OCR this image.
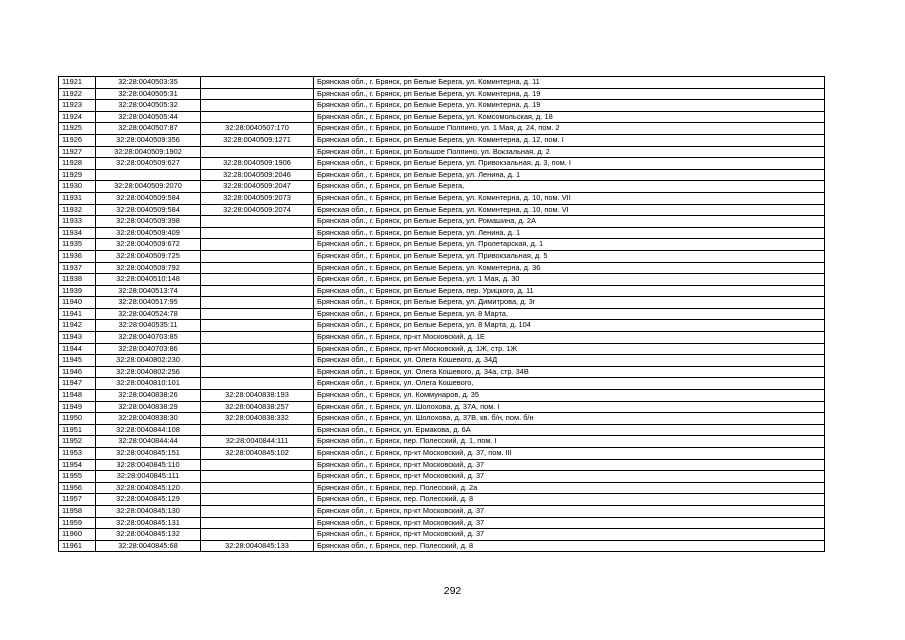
11921	32:28:0040503:35		Брянская обл., г. Брянск, рп Белые Берега, ул. Коминтерна, д. 11
11922	32:28:0040505:31		Брянская обл., г. Брянск, рп Белые Берега, ул. Коминтерна, д. 19
11923	32:28:0040505:32		Брянская обл., г. Брянск, рп Белые Берега, ул. Коминтерна, д. 19
11924	32:28:0040505:44		Брянская обл., г. Брянск, рп Белые Берега, ул. Комсомольская, д. 18
11925	32:28:0040507:87	32:28:0040507:170	Брянская обл., г. Брянск, рп Большое Полпино, ул. 1 Мая, д. 24, пом. 2
11926	32:28:0040509:356	32:28:0040509:1271	Брянская обл., г. Брянск, рп Белые Берега, ул. Коминтерна, д. 12, пом. I
11927	32:28:0040509:1902		Брянская обл., г. Брянск, рп Большое Полпино, ул. Вокзальная, д. 2
11928	32:28:0040509:627	32:28:0040509:1906	Брянская обл., г. Брянск, рп Белые Берега, ул. Привокзальная, д. 3, пом. I
11929		32:28:0040509:2046	Брянская обл., г. Брянск, рп Белые Берега, ул. Ленина, д. 1
11930	32:28:0040509:2070	32:28:0040509:2047	Брянская обл., г. Брянск, рп Белые Берега,
11931	32:28:0040509:584	32:28:0040509:2073	Брянская обл., г. Брянск, рп Белые Берега, ул. Коминтерна, д. 10, пом. VII
11932	32:28:0040509:584	32:28:0040509:2074	Брянская обл., г. Брянск, рп Белые Берега, ул. Коминтерна, д. 10, пом. VI
11933	32:28:0040509:398		Брянская обл., г. Брянск, рп Белые Берега, ул. Ромашина, д. 2А
11934	32:28:0040509:409		Брянская обл., г. Брянск, рп Белые Берега, ул. Ленина, д. 1
11935	32:28:0040509:672		Брянская обл., г. Брянск, рп Белые Берега, ул. Пролетарская, д. 1
11936	32:28:0040509:725		Брянская обл., г. Брянск, рп Белые Берега, ул. Привокзальная, д. 5
11937	32:28:0040509:792		Брянская обл., г. Брянск, рп Белые Берега, ул. Коминтерна, д. 36
11938	32:28:0040510:148		Брянская обл., г. Брянск, рп Белые Берега, ул. 1 Мая, д. 30
11939	32:28:0040513:74		Брянская обл., г. Брянск, рп Белые Берега, пер. Урицкого, д. 11
11940	32:28:0040517:95		Брянская обл., г. Брянск, рп Белые Берега, ул. Димитрова, д. 3г
11941	32:28:0040524:78		Брянская обл., г. Брянск, рп Белые Берега, ул. 8 Марта,
11942	32:28:0040535:11		Брянская обл., г. Брянск, рп Белые Берега, ул. 8 Марта, д. 104
11943	32:28:0040703:85		Брянская обл., г. Брянск, пр-кт Московский, д. 1Е
11944	32:28:0040703:86		Брянская обл., г. Брянск, пр-кт Московский, д. 1Ж, стр. 1Ж
11945	32:28:0040802:230		Брянская обл., г. Брянск, ул. Олега Кошевого, д. 34Д
11946	32:28:0040802:256		Брянская обл., г. Брянск, ул. Олега Кошевого, д. 34а, стр. 34В
11947	32:28:0040810:101		Брянская обл., г. Брянск, ул. Олега Кошевого,
11948	32:28:0040838:26	32:28:0040838:193	Брянская обл., г. Брянск, ул. Коммунаров, д. 35
11949	32:28:0040838:29	32:28:0040838:257	Брянская обл., г. Брянск, ул. Шолохова, д. 37А, пом. I
11950	32:28:0040838:30	32:28:0040838:332	Брянская обл., г. Брянск, ул. Шолохова, д. 37В, кв. б/н, пом. б/н
11951	32:28:0040844:108		Брянская обл., г. Брянск, ул. Ермакова, д. 6А
11952	32:28:0040844:44	32:28:0040844:111	Брянская обл., г. Брянск, пер. Полесский, д. 1, пом. I
11953	32:28:0040845:151	32:28:0040845:102	Брянская обл., г. Брянск, пр-кт Московский, д. 37, пом. III
11954	32:28:0040845:110		Брянская обл., г. Брянск, пр-кт Московский, д. 37
11955	32:28:0040845:111		Брянская обл., г. Брянск, пр-кт Московский, д. 37
11956	32:28:0040845:120		Брянская обл., г. Брянск, пер. Полесский, д. 2а
11957	32:28:0040845:129		Брянская обл., г. Брянск, пер. Полесский, д. 8
11958	32:28:0040845:130		Брянская обл., г. Брянск, пр-кт Московский, д. 37
11959	32:28:0040845:131		Брянская обл., г. Брянск, пр-кт Московский, д. 37
11960	32:28:0040845:132		Брянская обл., г. Брянск, пр-кт Московский, д. 37
11961	32:28:0040845:68	32:28:0040845:133	Брянская обл., г. Брянск, пер. Полесский, д. 8
292
